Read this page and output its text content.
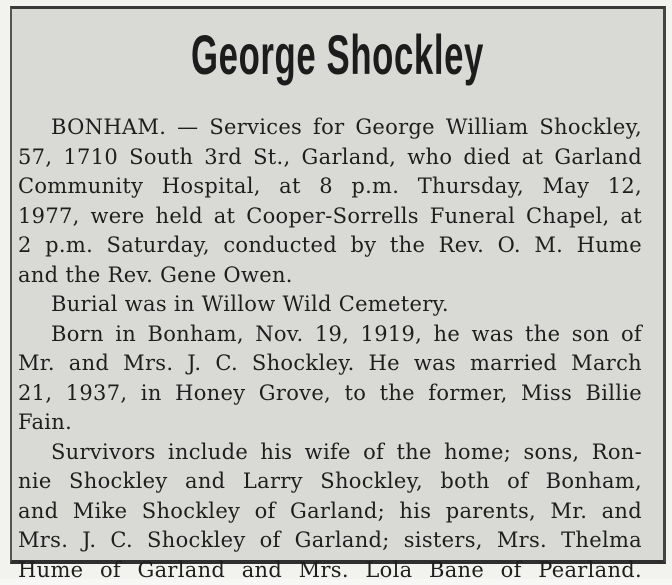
George Shockley
BONHAM. — Services for George William Shockley,
57, 1710 South 3rd St., Garland, who died at Garland
Community Hospital, at 8 p.m. Thursday, May 12,
1977, were held at Cooper-Sorrells Funeral Chapel, at
2 p.m. Saturday, conducted by the Rev. O. M. Hume
and the Rev. Gene Owen.
Burial was in Willow Wild Cemetery.
Born in Bonham, Nov. 19, 1919, he was the son of
Mr. and Mrs. J. C. Shockley. He was married March
21, 1937, in Honey Grove, to the former, Miss Billie
Fain.
Survivors include his wife of the home; sons, Ron-
nie Shockley and Larry Shockley, both of Bonham,
and Mike Shockley of Garland; his parents, Mr. and
Mrs. J. C. Shockley of Garland; sisters, Mrs. Thelma
Hume of Garland and Mrs. Lola Bane of Pearland.
